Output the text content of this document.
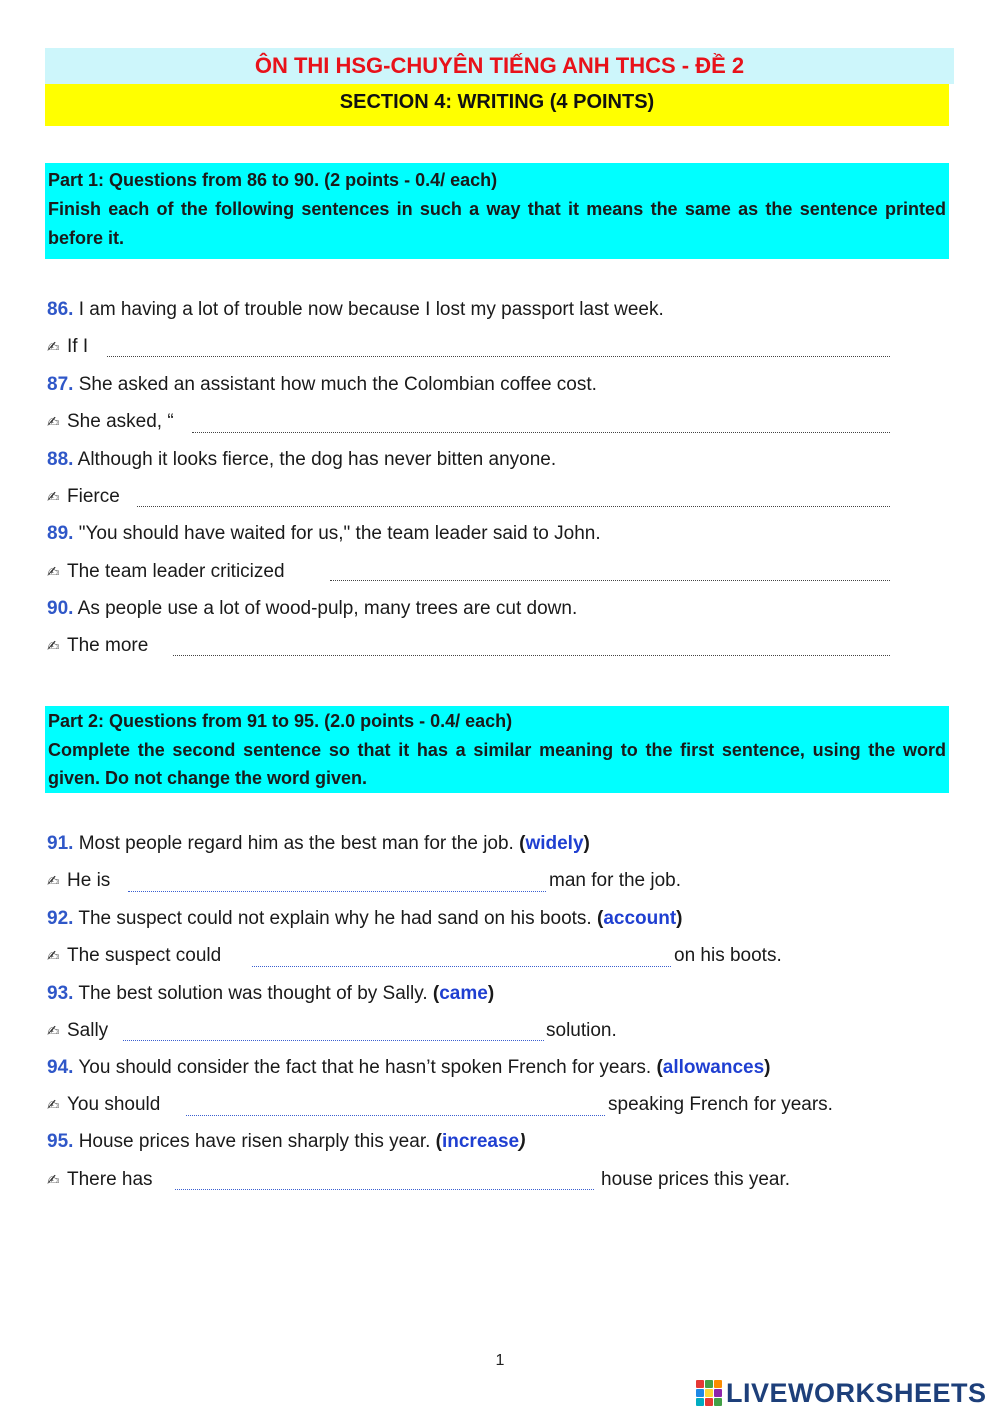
ÔN THI HSG-CHUYÊN TIẾNG ANH THCS - ĐỀ 2
SECTION 4: WRITING (4 POINTS)
Part 1: Questions from 86 to 90. (2 points - 0.4/ each)
Finish each of the following sentences in such a way that it means the same as the sentence printed before it.
86. I am having a lot of trouble now because I lost my passport last week.
✍ If I
87. She asked an assistant how much the Colombian coffee cost.
✍ She asked, “
88. Although it looks fierce, the dog has never bitten anyone.
✍ Fierce
89. "You should have waited for us," the team leader said to John.
✍ The team leader criticized
90. As people use a lot of wood-pulp, many trees are cut down.
✍ The more
Part 2: Questions from 91 to 95. (2.0 points - 0.4/ each)
Complete the second sentence so that it has a similar meaning to the first sentence, using the word given. Do not change the word given.
91. Most people regard him as the best man for the job. (widely)
✍ He is	man for the job.
92. The suspect could not explain why he had sand on his boots. (account)
✍ The suspect could	on his boots.
93. The best solution was thought of by Sally. (came)
✍ Sally	solution.
94. You should consider the fact that he hasn’t spoken French for years. (allowances)
✍ You should	speaking French for years.
95. House prices have risen sharply this year. (increase)
✍ There has	house prices this year.
1
LIVEWORKSHEETS
